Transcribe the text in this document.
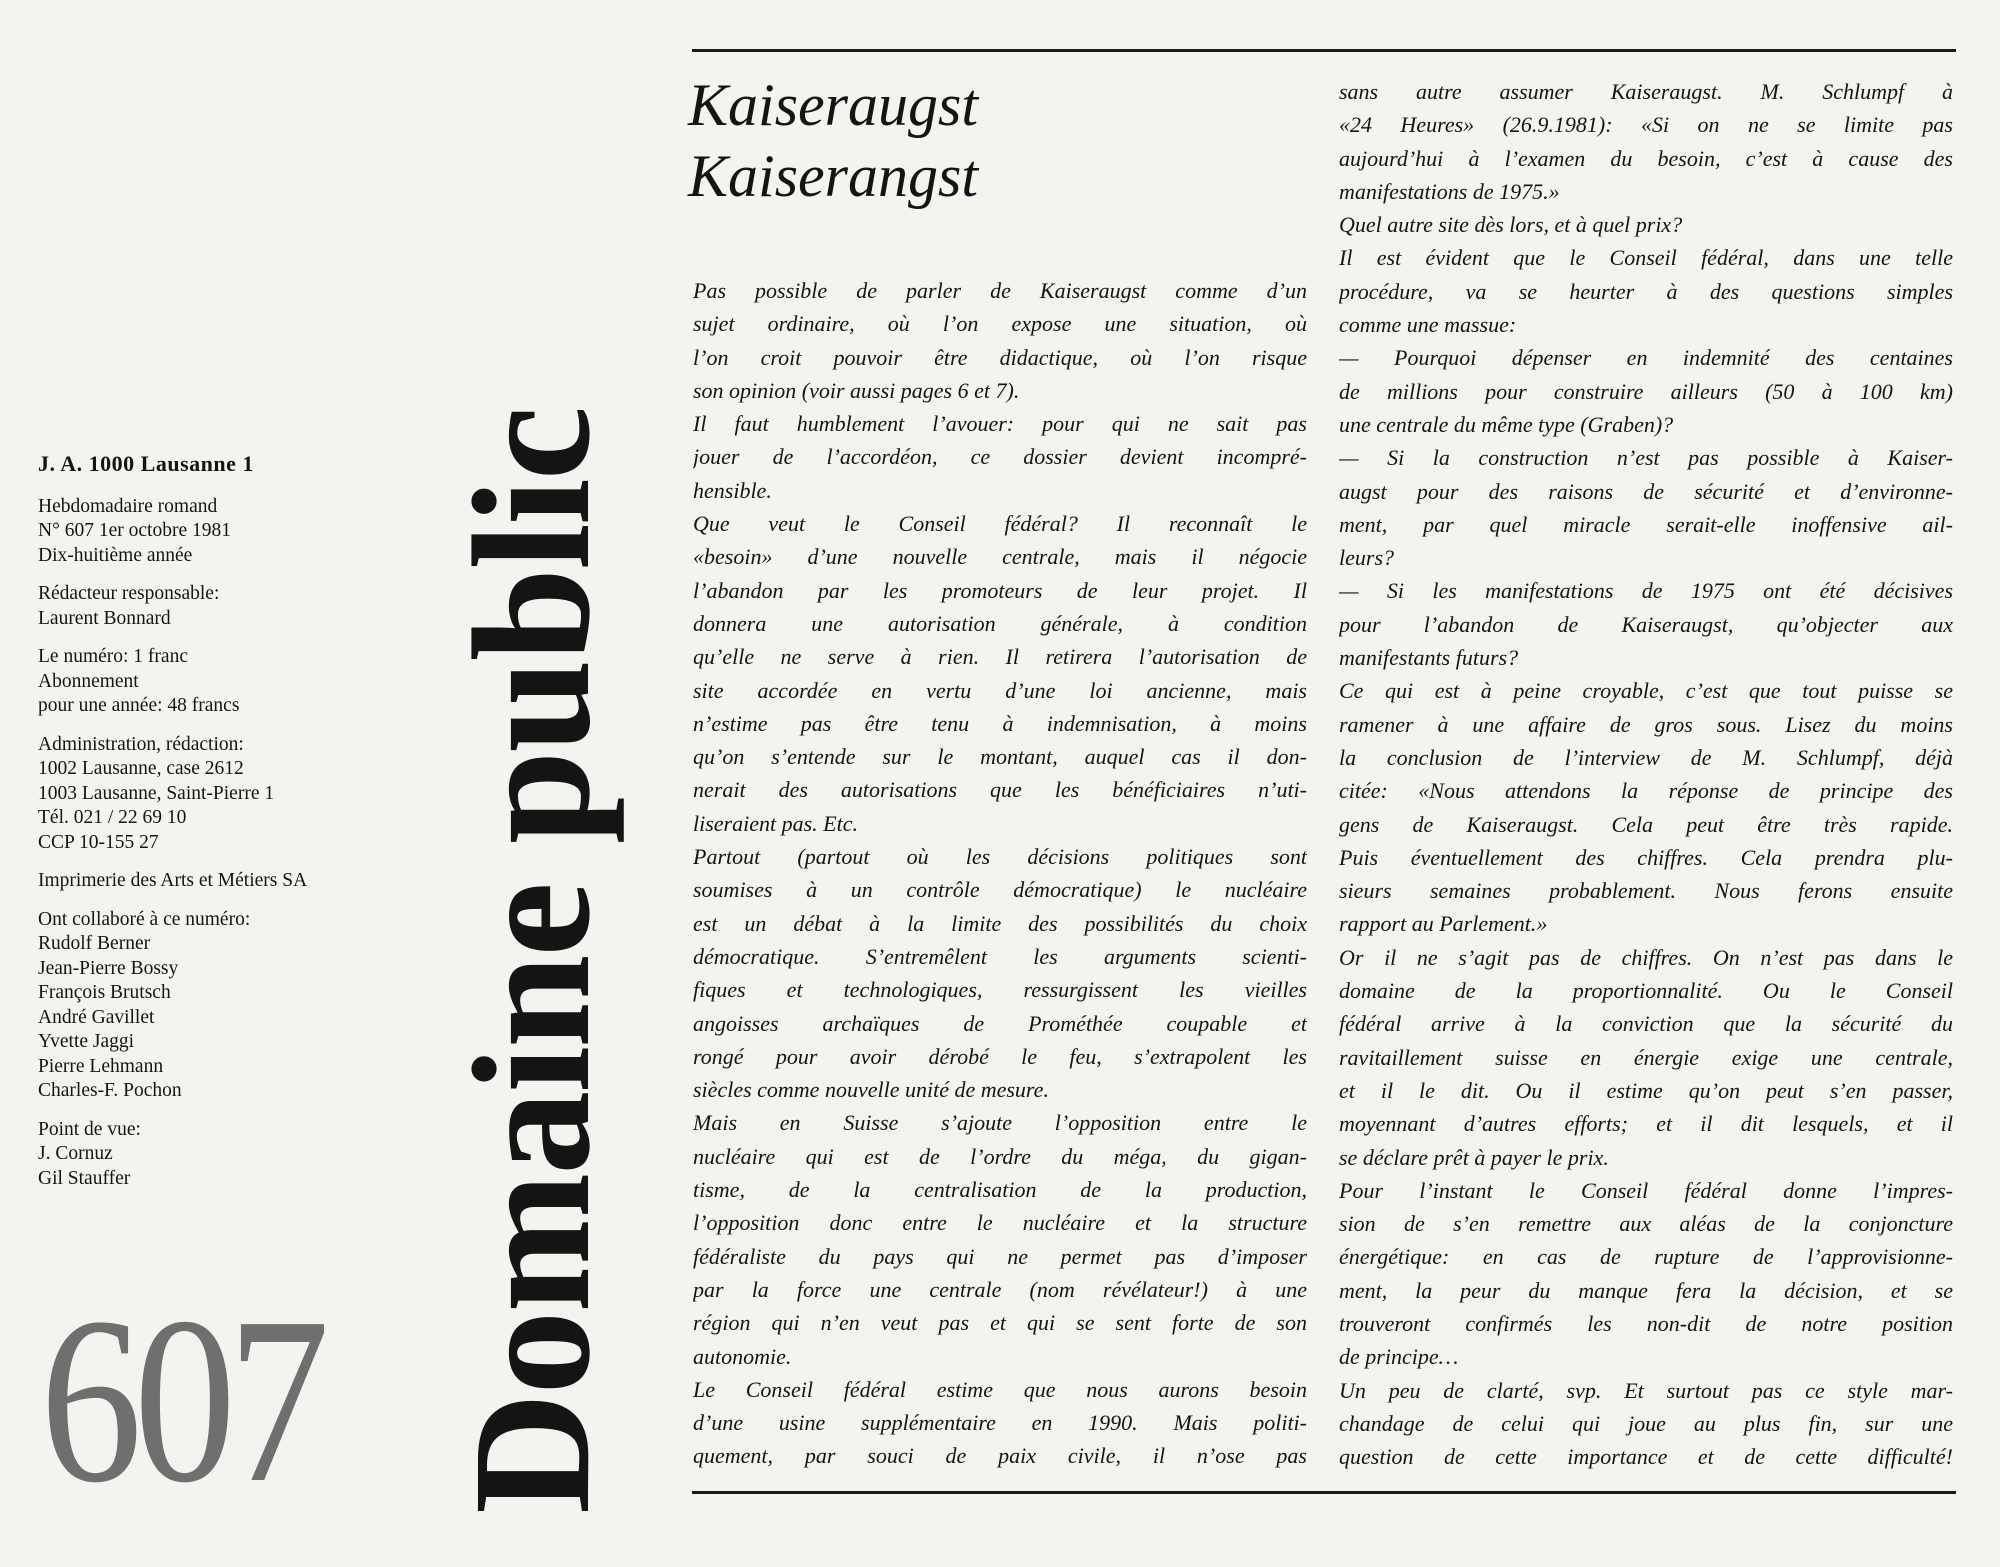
J. A. 1000 Lausanne 1
Hebdomadaire romand
N° 607 1er octobre 1981
Dix-huitième année
Rédacteur responsable:
Laurent Bonnard
Le numéro: 1 franc
Abonnement
pour une année: 48 francs
Administration, rédaction:
1002 Lausanne, case 2612
1003 Lausanne, Saint-Pierre 1
Tél. 021 / 22 69 10
CCP 10-155 27
Imprimerie des Arts et Métiers SA
Ont collaboré à ce numéro:
Rudolf Berner
Jean-Pierre Bossy
François Brutsch
André Gavillet
Yvette Jaggi
Pierre Lehmann
Charles-F. Pochon
Point de vue:
J. Cornuz
Gil Stauffer
607 Domaine public
Kaiseraugst
Kaiserangst
Pas possible de parler de Kaiseraugst comme d’un
sujet ordinaire, où l’on expose une situation, où
l’on croit pouvoir être didactique, où l’on risque
son opinion (voir aussi pages 6 et 7).
Il faut humblement l’avouer: pour qui ne sait pas
jouer de l’accordéon, ce dossier devient incompré-
hensible.
Que veut le Conseil fédéral? Il reconnaît le
«besoin» d’une nouvelle centrale, mais il négocie
l’abandon par les promoteurs de leur projet. Il
donnera une autorisation générale, à condition
qu’elle ne serve à rien. Il retirera l’autorisation de
site accordée en vertu d’une loi ancienne, mais
n’estime pas être tenu à indemnisation, à moins
qu’on s’entende sur le montant, auquel cas il don-
nerait des autorisations que les bénéficiaires n’uti-
liseraient pas. Etc.
Partout (partout où les décisions politiques sont
soumises à un contrôle démocratique) le nucléaire
est un débat à la limite des possibilités du choix
démocratique. S’entremêlent les arguments scienti-
fiques et technologiques, ressurgissent les vieilles
angoisses archaïques de Prométhée coupable et
rongé pour avoir dérobé le feu, s’extrapolent les
siècles comme nouvelle unité de mesure.
Mais en Suisse s’ajoute l’opposition entre le
nucléaire qui est de l’ordre du méga, du gigan-
tisme, de la centralisation de la production,
l’opposition donc entre le nucléaire et la structure
fédéraliste du pays qui ne permet pas d’imposer
par la force une centrale (nom révélateur!) à une
région qui n’en veut pas et qui se sent forte de son
autonomie.
Le Conseil fédéral estime que nous aurons besoin
d’une usine supplémentaire en 1990. Mais politi-
quement, par souci de paix civile, il n’ose pas
sans autre assumer Kaiseraugst. M. Schlumpf à
«24 Heures» (26.9.1981): «Si on ne se limite pas
aujourd’hui à l’examen du besoin, c’est à cause des
manifestations de 1975.»
Quel autre site dès lors, et à quel prix?
Il est évident que le Conseil fédéral, dans une telle
procédure, va se heurter à des questions simples
comme une massue:
— Pourquoi dépenser en indemnité des centaines
de millions pour construire ailleurs (50 à 100 km)
une centrale du même type (Graben)?
— Si la construction n’est pas possible à Kaiser-
augst pour des raisons de sécurité et d’environne-
ment, par quel miracle serait-elle inoffensive ail-
leurs?
— Si les manifestations de 1975 ont été décisives
pour l’abandon de Kaiseraugst, qu’objecter aux
manifestants futurs?
Ce qui est à peine croyable, c’est que tout puisse se
ramener à une affaire de gros sous. Lisez du moins
la conclusion de l’interview de M. Schlumpf, déjà
citée: «Nous attendons la réponse de principe des
gens de Kaiseraugst. Cela peut être très rapide.
Puis éventuellement des chiffres. Cela prendra plu-
sieurs semaines probablement. Nous ferons ensuite
rapport au Parlement.»
Or il ne s’agit pas de chiffres. On n’est pas dans le
domaine de la proportionnalité. Ou le Conseil
fédéral arrive à la conviction que la sécurité du
ravitaillement suisse en énergie exige une centrale,
et il le dit. Ou il estime qu’on peut s’en passer,
moyennant d’autres efforts; et il dit lesquels, et il
se déclare prêt à payer le prix.
Pour l’instant le Conseil fédéral donne l’impres-
sion de s’en remettre aux aléas de la conjoncture
énergétique: en cas de rupture de l’approvisionne-
ment, la peur du manque fera la décision, et se
trouveront confirmés les non-dit de notre position
de principe…
Un peu de clarté, svp. Et surtout pas ce style mar-
chandage de celui qui joue au plus fin, sur une
question de cette importance et de cette difficulté!
